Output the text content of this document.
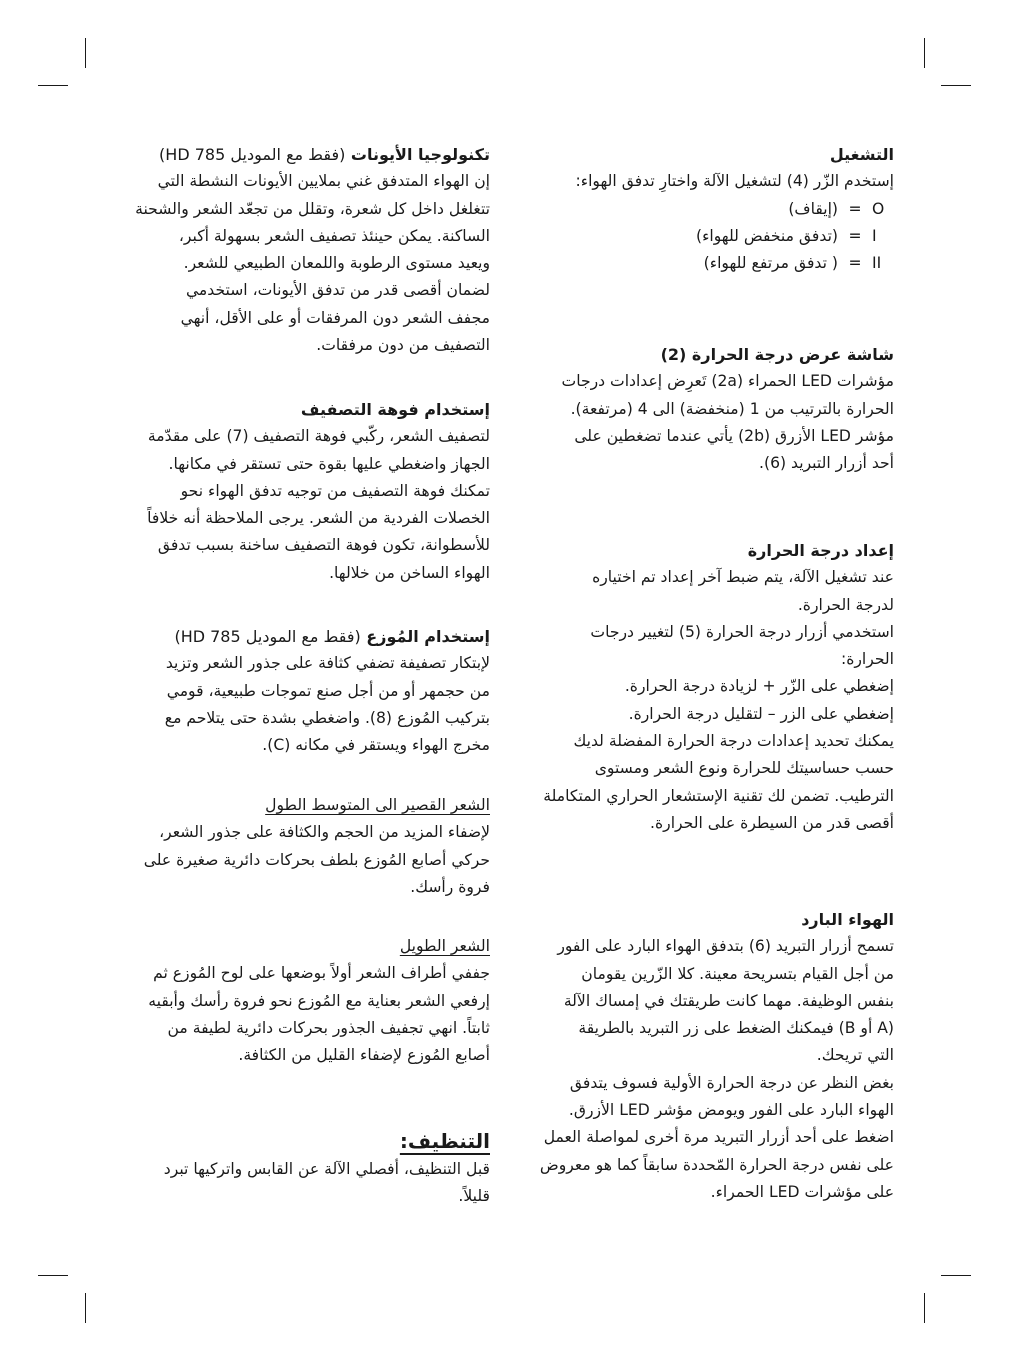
التشغيل
إستخدم الزّر (4) لتشغيل الآلة واختارِ تدفق الهواء:
(إيقاف) = O
(تدفق منخفض للهواء) = I
( تدفق مرتفع للهواء) = II
شاشة عرض درجة الحرارة (2)
مؤشرات LED الحمراء (2a) تَعرِض إعدادات درجات
الحرارة بالترتيب من 1 (منخفضة) الى 4 (مرتفعة).
مؤشر LED الأزرق (2b) يأتي عندما تضغطين على
أحد أزرار التبريد (6).
إعداد درجة الحرارة
عند تشغيل الآلة، يتم ضبط آخر إعداد تم اختياره
لدرجة الحرارة.
استخدمي أزرار درجة الحرارة (5) لتغيير درجات
الحرارة:
إضغطي على الزّر + لزيادة درجة الحرارة.
إضغطي على الزر – لتقليل درجة الحرارة.
يمكنك تحديد إعدادات درجة الحرارة المفضلة لديك
حسب حساسيتك للحرارة ونوع الشعر ومستوى
الترطيب. تضمن لك تقنية الإستشعار الحراري المتكاملة
أقصى قدر من السيطرة على الحرارة.
الهواء البارد
تسمح أزرار التبريد (6) بتدفق الهواء البارد على الفور
من أجل القيام بتسريحة معينة. كلا الزّرين يقومان
بنفس الوظيفة. مهما كانت طريقتك في إمساك الآلة
(A أو B) فيمكنك الضغط على زر التبريد بالطريقة
التي تريحك.
بغض النظر عن درجة الحرارة الأولية فسوف يتدفق
الهواء البارد على الفور ويومض مؤشر LED الأزرق.
اضغط على أحد أزرار التبريد مرة أخرى لمواصلة العمل
على نفس درجة الحرارة المّحددة سابقاً كما هو معروض
على مؤشرات LED الحمراء.
تكنولوجيا الأيونات (فقط مع الموديل HD 785)
إن الهواء المتدفق غني بملايين الأيونات النشطة التي
تتغلغل داخل كل شعرة، وتقلل من تجعّد الشعر والشحنة
الساكنة. يمكن حينئذ تصفيف الشعر بسهولة أكبر،
ويعيد مستوى الرطوبة واللمعان الطبيعي للشعر.
لضمان أقصى قدر من تدفق الأيونات، استخدمي
مجفف الشعر دون المرفقات أو على الأقل، أنهي
التصفيف من دون مرفقات.
إستخدام فوهة التصفيف
لتصفيف الشعر، ركّبي فوهة التصفيف (7) على مقدّمة
الجهاز واضغطي عليها بقوة حتى تستقر في مكانها.
تمكنك فوهة التصفيف من توجيه تدفق الهواء نحو
الخصلات الفردية من الشعر. يرجى الملاحظة أنه خلافاً
للأسطوانة، تكون فوهة التصفيف ساخنة بسبب تدفق
الهواء الساخن من خلالها.
إستخدام المُوزع (فقط مع الموديل HD 785)
لإبتكار تصفيفة تضفي كثافة على جذور الشعر وتزيد
من حجمهر أو من أجل صنع تموجات طبيعية، قومي
بتركيب المُوزع (8). واضغطي بشدة حتى يتلاحم مع
مخرج الهواء ويستقر في مكانه (C).
الشعر القصير الى المتوسط الطول
لإضفاء المزيد من الحجم والكثافة على جذور الشعر،
حركي أصابع المُوزع بلطف بحركات دائرية صغيرة على
فروة رأسك.
الشعر الطويل
جففي أطراف الشعر أولاً بوضعها على لوح المُوزع ثم
إرفعي الشعر بعناية مع المُوزع نحو فروة رأسك وأبقيه
ثابتاً. انهي تجفيف الجذور بحركات دائرية لطيفة من
أصابع المُوزع لإضفاء القليل من الكثافة.
التنظيف:
قبل التنظيف، أفصلي الآلة عن القابس واتركيها تبرد
قليلاً.
